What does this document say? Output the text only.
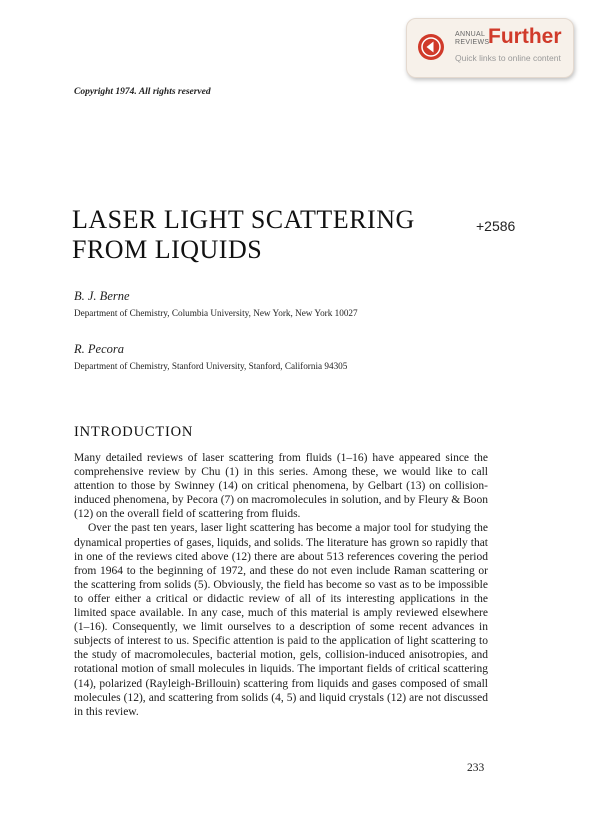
ANNUAL
REVIEWS
Further
Quick links to online content
Copyright 1974. All rights reserved
LASER LIGHT SCATTERING
FROM LIQUIDS
+2586
B. J. Berne
Department of Chemistry, Columbia University, New York, New York 10027
R. Pecora
Department of Chemistry, Stanford University, Stanford, California 94305
INTRODUCTION

Many detailed reviews of laser scattering from fluids (1–16) have appeared since the comprehensive review by Chu (1) in this series. Among these, we would like to call attention to those by Swinney (14) on critical phenomena, by Gelbart (13) on collision-induced phenomena, by Pecora (7) on macromolecules in solution, and by Fleury & Boon (12) on the overall field of scattering from fluids.

Over the past ten years, laser light scattering has become a major tool for studying the dynamical properties of gases, liquids, and solids. The literature has grown so rapidly that in one of the reviews cited above (12) there are about 513 references covering the period from 1964 to the beginning of 1972, and these do not even include Raman scattering or the scattering from solids (5). Obviously, the field has become so vast as to be impossible to offer either a critical or didactic review of all of its interesting applications in the limited space available. In any case, much of this material is amply reviewed elsewhere (1–16). Consequently, we limit ourselves to a description of some recent advances in subjects of interest to us. Specific attention is paid to the application of light scattering to the study of macromolecules, bacterial motion, gels, collision-induced anisotropies, and rotational motion of small molecules in liquids. The important fields of critical scattering (14), polarized (Rayleigh-Brillouin) scattering from liquids and gases composed of small molecules (12), and scattering from solids (4, 5) and liquid crystals (12) are not discussed in this review.

233
